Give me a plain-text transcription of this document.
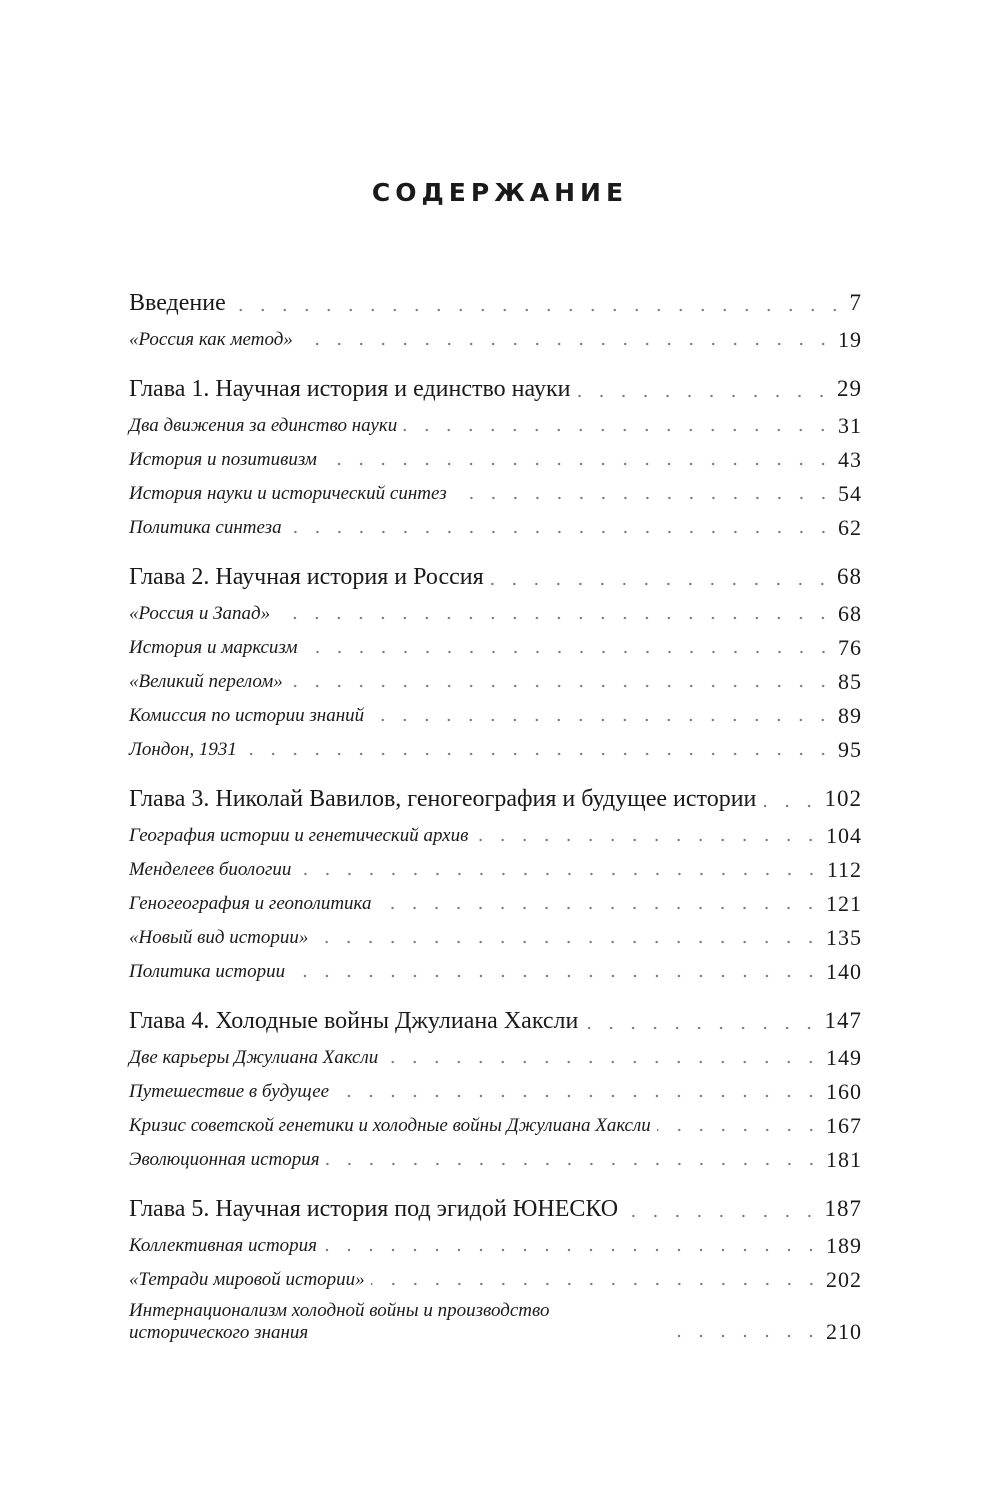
СОДЕРЖАНИЕ
Введение	7
«Россия как метод»	19
Глава 1. Научная история и единство науки	29
Два движения за единство науки	31
История и позитивизм	43
История науки и исторический синтез	54
Политика синтеза	62
Глава 2. Научная история и Россия	68
«Россия и Запад»	68
История и марксизм	76
«Великий перелом»	85
Комиссия по истории знаний	89
Лондон, 1931	95
Глава 3. Николай Вавилов, геногеография и будущее истории	102
География истории и генетический архив	104
Менделеев биологии	112
Геногеография и геополитика	121
«Новый вид истории»	135
Политика истории	140
Глава 4. Холодные войны Джулиана Хаксли	147
Две карьеры Джулиана Хаксли	149
Путешествие в будущее	160
Кризис советской генетики и холодные войны Джулиана Хаксли	167
Эволюционная история	181
Глава 5. Научная история под эгидой ЮНЕСКО	187
Коллективная история	189
«Тетради мировой истории»	202
Интернационализм холодной войны и производство исторического знания	210
